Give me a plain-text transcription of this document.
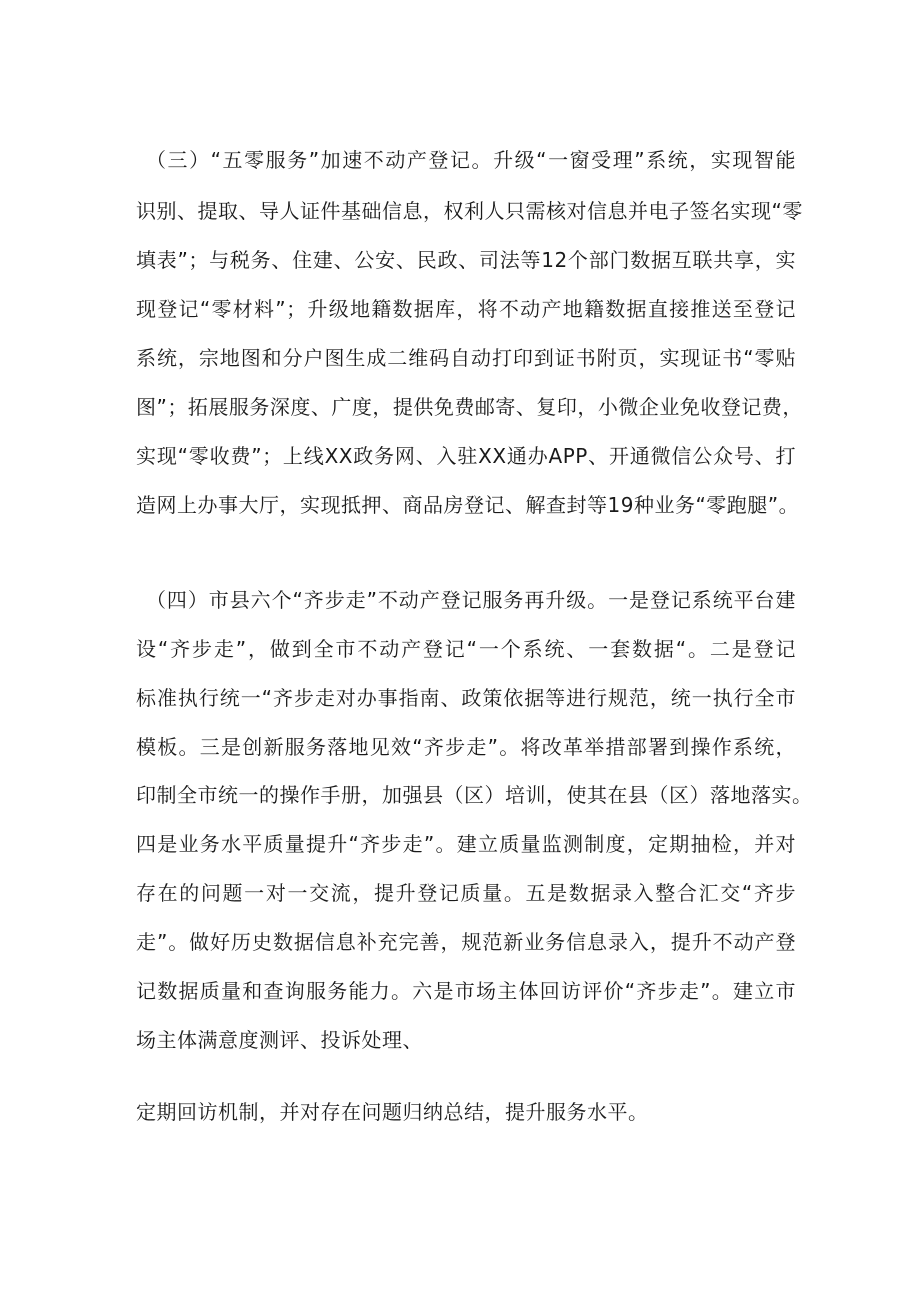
（三）“五零服务”加速不动产登记。升级“一窗受理”系统，实现智能
识别、提取、导人证件基础信息，权利人只需核对信息并电子签名实现“零
填表”；与税务、住建、公安、民政、司法等12个部门数据互联共享，实
现登记“零材料”；升级地籍数据库，将不动产地籍数据直接推送至登记
系统，宗地图和分户图生成二维码自动打印到证书附页，实现证书“零贴
图”；拓展服务深度、广度，提供免费邮寄、复印，小微企业免收登记费，
实现“零收费”；上线XX政务网、入驻XX通办APP、开通微信公众号、打
造网上办事大厅，实现抵押、商品房登记、解查封等19种业务“零跑腿”。
（四）市县六个“齐步走”不动产登记服务再升级。一是登记系统平台建
设“齐步走”，做到全市不动产登记“一个系统、一套数据“。二是登记
标准执行统一“齐步走对办事指南、政策依据等进行规范，统一执行全市
模板。三是创新服务落地见效“齐步走”。将改革举措部署到操作系统，
印制全市统一的操作手册，加强县（区）培训，使其在县（区）落地落实。
四是业务水平质量提升“齐步走”。建立质量监测制度，定期抽检，并对
存在的问题一对一交流，提升登记质量。五是数据录入整合汇交“齐步
走”。做好历史数据信息补充完善，规范新业务信息录入，提升不动产登
记数据质量和查询服务能力。六是市场主体回访评价“齐步走”。建立市
场主体满意度测评、投诉处理、
定期回访机制，并对存在问题归纳总结，提升服务水平。
